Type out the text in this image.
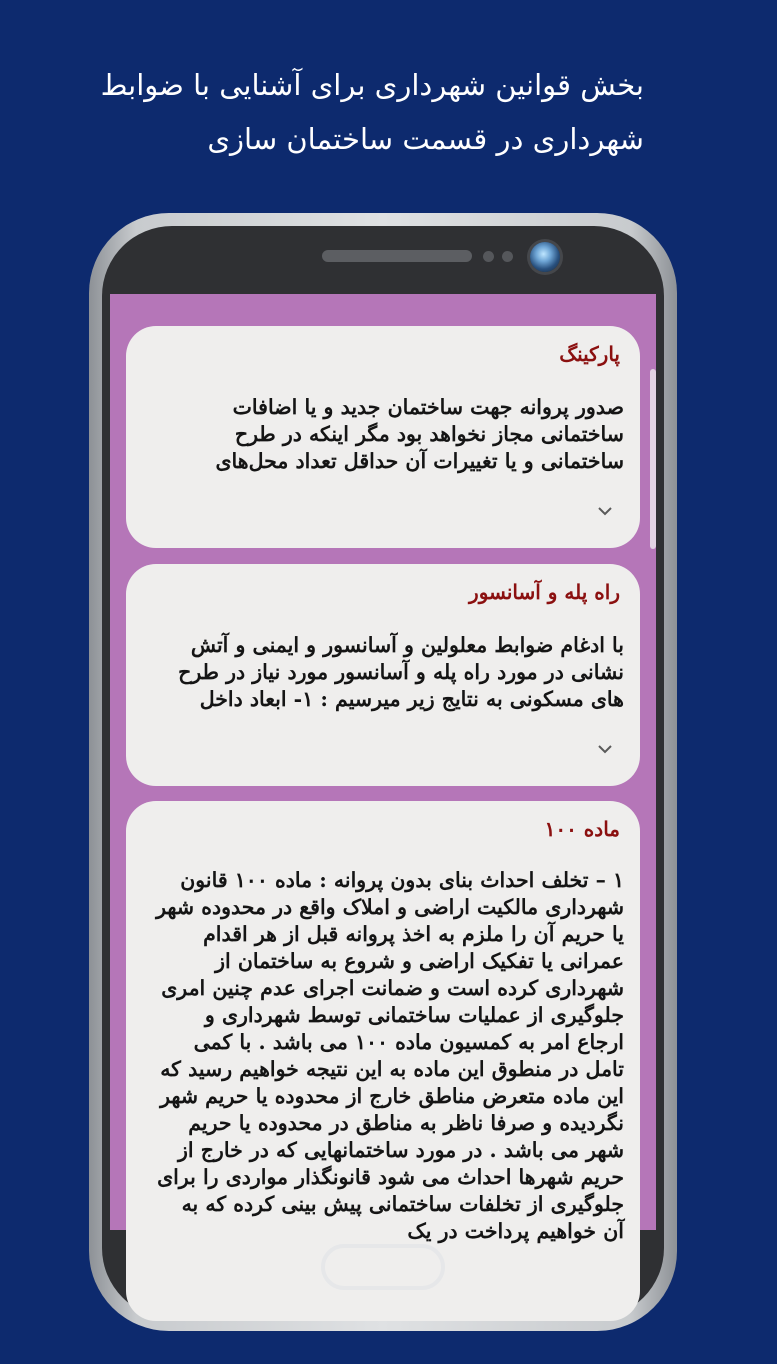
بخش قوانین شهرداری برای آشنایی با ضوابط
شهرداری در قسمت ساختمان سازی
پارکینگ
صدور پروانه جهت ساختمان جدید و یا اضافات ساختمانی مجاز نخواهد بود مگر اینکه در طرح ساختمانی و یا تغییرات آن حداقل تعداد محل‌های
راه پله و آسانسور
با ادغام ضوابط معلولین و آسانسور و ایمنی و آتش نشانی در مورد راه پله و آسانسور مورد نیاز در طرح های مسکونی به نتایج زیر میرسیم : ۱- ابعاد داخل
ماده ۱۰۰
۱ – تخلف احداث بنای بدون پروانه : ماده ۱۰۰ قانون شهرداری مالکیت اراضی و املاک واقع در محدوده شهر یا حریم آن را ملزم به اخذ پروانه قبل از هر اقدام عمرانی یا تفکیک اراضی و شروع به ساختمان از شهرداری کرده است و ضمانت اجرای عدم چنین امری جلوگیری از عملیات ساختمانی توسط شهرداری و ارجاع امر به کمسیون ماده ۱۰۰ می باشد . با کمی تامل در منطوق این ماده به این نتیجه خواهیم رسید که این ماده متعرض مناطق خارج از محدوده یا حریم شهر نگردیده و صرفا ناظر به مناطق در محدوده یا حریم شهر می باشد . در مورد ساختمانهایی که در خارج از حریم شهرها احداث می شود قانونگذار مواردی را برای جلوگیری از تخلفات ساختمانی پیش بینی کرده که به آن خواهیم پرداخت در یک
